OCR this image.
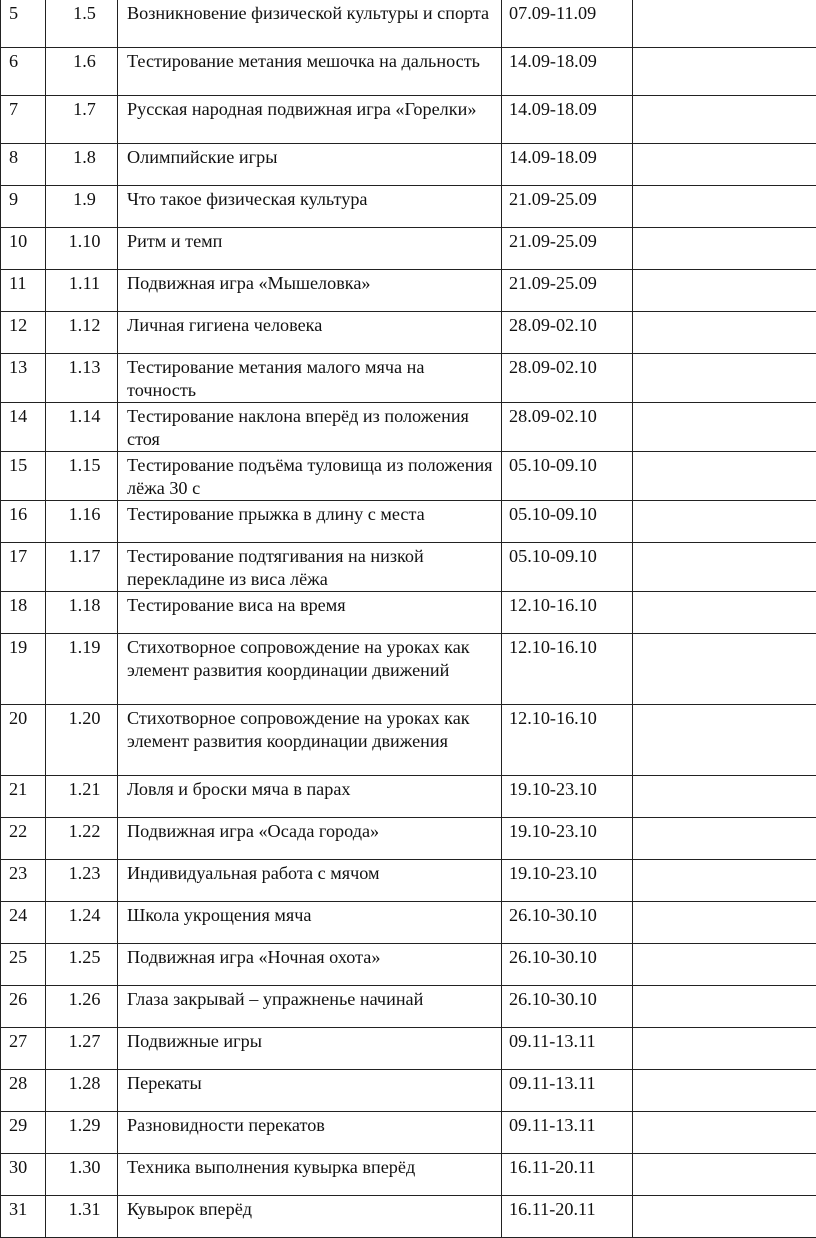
5	1.5	Возникновение физической культуры и спорта	07.09-11.09	
6	1.6	Тестирование метания мешочка на дальность	14.09-18.09	
7	1.7	Русская народная подвижная игра «Горелки»	14.09-18.09	
8	1.8	Олимпийские игры	14.09-18.09	
9	1.9	Что такое физическая культура	21.09-25.09	
10	1.10	Ритм и темп	21.09-25.09	
11	1.11	Подвижная игра «Мышеловка»	21.09-25.09	
12	1.12	Личная гигиена человека	28.09-02.10	
13	1.13	Тестирование метания малого мяча на точность	28.09-02.10	
14	1.14	Тестирование наклона вперёд из положения стоя	28.09-02.10	
15	1.15	Тестирование подъёма туловища из положения лёжа 30 с	05.10-09.10	
16	1.16	Тестирование прыжка в длину с места	05.10-09.10	
17	1.17	Тестирование подтягивания на низкой перекладине из виса лёжа	05.10-09.10	
18	1.18	Тестирование виса на время	12.10-16.10	
19	1.19	Стихотворное сопровождение на уроках как элемент развития координации движений	12.10-16.10	
20	1.20	Стихотворное сопровождение на уроках как элемент развития координации движения	12.10-16.10	
21	1.21	Ловля и броски мяча в парах	19.10-23.10	
22	1.22	Подвижная игра «Осада города»	19.10-23.10	
23	1.23	Индивидуальная работа с мячом	19.10-23.10	
24	1.24	Школа укрощения мяча	26.10-30.10	
25	1.25	Подвижная игра «Ночная охота»	26.10-30.10	
26	1.26	Глаза закрывай – упражненье начинай	26.10-30.10	
27	1.27	Подвижные игры	09.11-13.11	
28	1.28	Перекаты	09.11-13.11	
29	1.29	Разновидности перекатов	09.11-13.11	
30	1.30	Техника выполнения кувырка вперёд	16.11-20.11	
31	1.31	Кувырок вперёд	16.11-20.11	
